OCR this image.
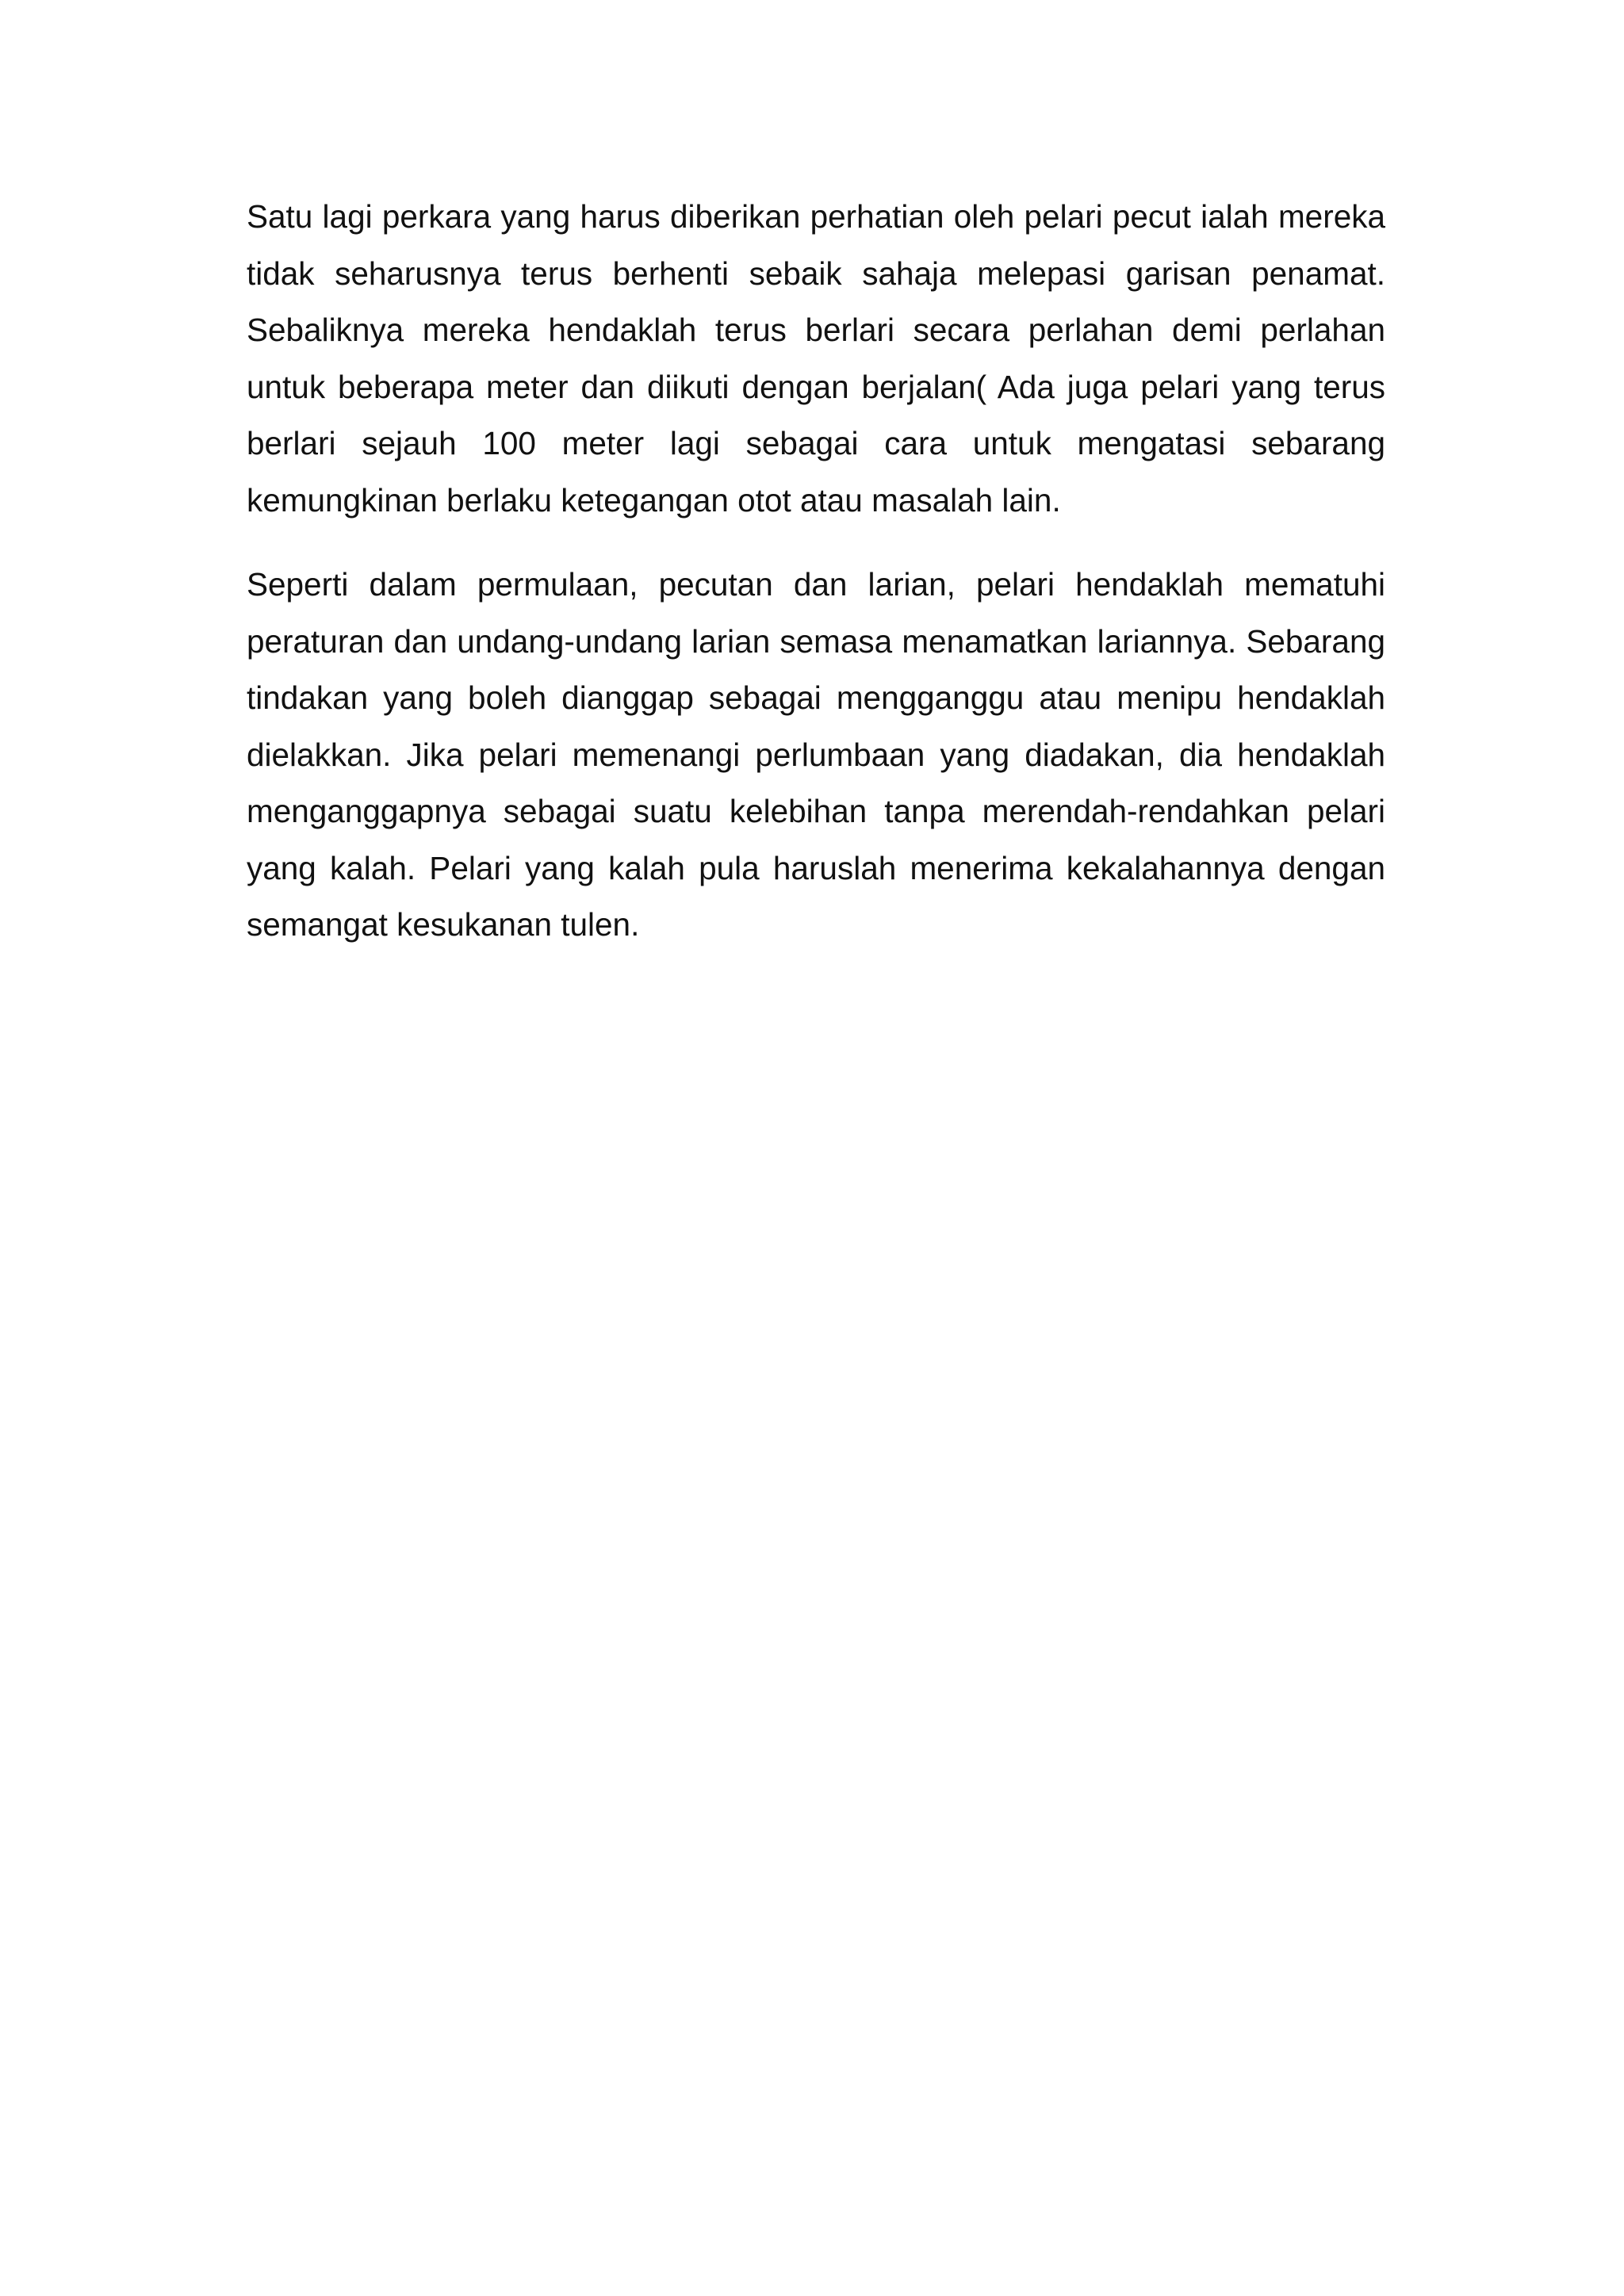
Satu lagi perkara yang harus diberikan perhatian oleh pelari pecut ialah mereka tidak seharusnya terus berhenti sebaik sahaja melepasi garisan penamat. Sebaliknya mereka hendaklah terus berlari secara perlahan demi perlahan untuk beberapa meter dan diikuti dengan berjalan( Ada juga pelari yang terus berlari sejauh 100 meter lagi sebagai cara untuk mengatasi sebarang kemungkinan berlaku ketegangan otot atau masalah lain.

Seperti dalam permulaan, pecutan dan larian, pelari hendaklah mematuhi peraturan dan undang-undang larian semasa menamatkan lariannya. Sebarang tindakan yang boleh dianggap sebagai mengganggu atau menipu hendaklah dielakkan. Jika pelari memenangi perlumbaan yang diadakan, dia hendaklah menganggapnya sebagai suatu kelebihan tanpa merendah-rendahkan pelari yang kalah. Pelari yang kalah pula haruslah menerima kekalahannya dengan semangat kesukanan tulen.
